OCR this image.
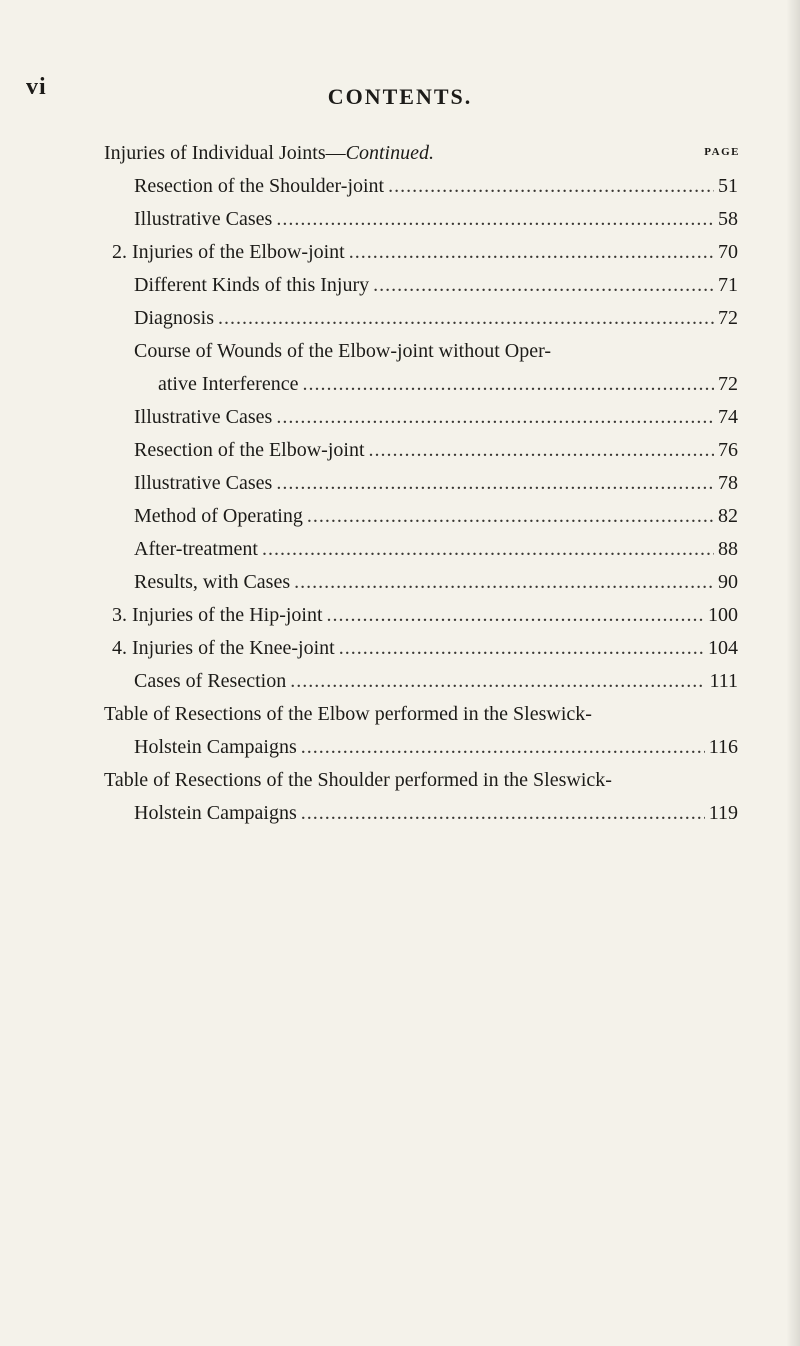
vi	CONTENTS.
Injuries of Individual Joints—Continued.	PAGE
Resection of the Shoulder-joint .....	51
Illustrative Cases .....	58
2. Injuries of the Elbow-joint .....	70
Different Kinds of this Injury .....	71
Diagnosis .....	72
Course of Wounds of the Elbow-joint without Oper-
ative Interference .....	72
Illustrative Cases .....	74
Resection of the Elbow-joint .....	76
Illustrative Cases .....	78
Method of Operating .....	82
After-treatment .....	88
Results, with Cases .....	90
3. Injuries of the Hip-joint .....	100
4. Injuries of the Knee-joint .....	104
Cases of Resection .....	111
Table of Resections of the Elbow performed in the Sleswick-
Holstein Campaigns .....	116
Table of Resections of the Shoulder performed in the Sleswick-
Holstein Campaigns .....	119
